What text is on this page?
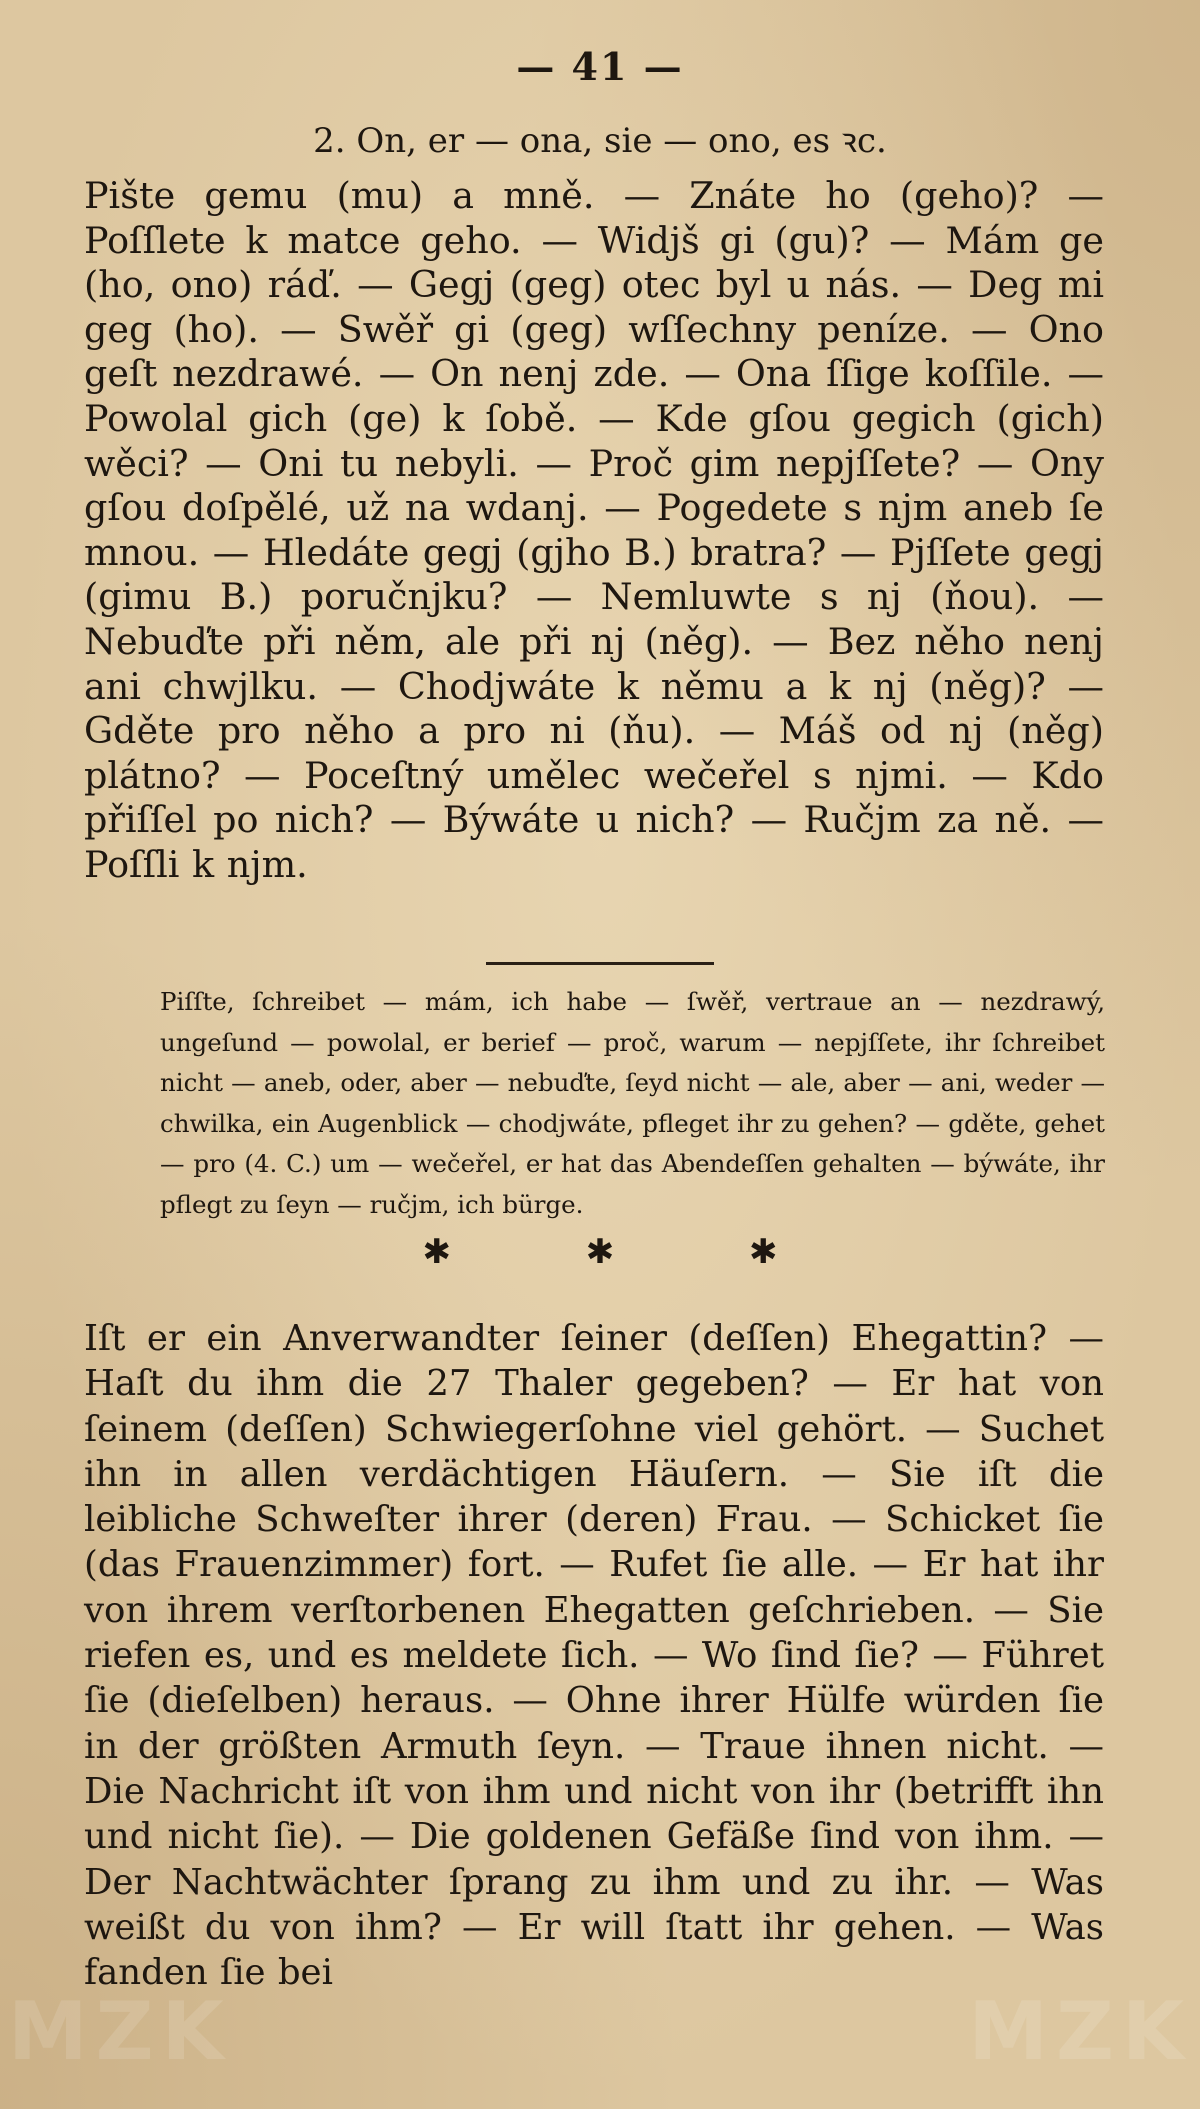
— 41 —
2. On, er — ona, sie — ono, es ꝛc.
Pište gemu (mu) a mně. — Znáte ho (geho)? — Poſſlete k matce geho. — Widjš gi (gu)? — Mám ge (ho, ono) ráď. — Gegj (geg) otec byl u nás. — Deg mi geg (ho). — Swěř gi (geg) wſſechny peníze. — Ono geſt nezdrawé. — On nenj zde. — Ona ſſige koſſile. — Powolal gich (ge) k ſobě. — Kde gſou gegich (gich) wěci? — Oni tu nebyli. — Proč gim nepjſſete? — Ony gſou doſpělé, už na wdanj. — Pogedete s njm aneb ſe mnou. — Hledáte gegj (gjho B.) bratra? — Pjſſete gegj (gimu B.) poručnjku? — Nemluwte s nj (ňou). — Nebuďte při něm, ale při nj (něg). — Bez něho nenj ani chwjlku. — Chodjwáte k němu a k nj (něg)? — Gděte pro něho a pro ni (ňu). — Máš od nj (něg) plátno? — Poceſtný umělec wečeřel s njmi. — Kdo přiſſel po nich? — Býwáte u nich? — Ručjm za ně. — Poſſli k njm.
Piſſte, ſchreibet — mám, ich habe — ſwěř, vertraue an — nezdrawý, ungeſund — powolal, er berief — proč, warum — nepjſſete, ihr ſchreibet nicht — aneb, oder, aber — nebuďte, ſeyd nicht — ale, aber — ani, weder — chwilka, ein Augenblick — chodjwáte, pfleget ihr zu gehen? — gděte, gehet — pro (4. C.) um — wečeřel, er hat das Abendeſſen gehalten — býwáte, ihr pflegt zu ſeyn — ručjm, ich bürge.
✱ ✱ ✱
Iſt er ein Anverwandter ſeiner (deſſen) Ehegattin? — Haſt du ihm die 27 Thaler gegeben? — Er hat von ſeinem (deſſen) Schwiegerſohne viel gehört. — Suchet ihn in allen verdächtigen Häuſern. — Sie iſt die leibliche Schweſter ihrer (deren) Frau. — Schicket ſie (das Frauenzimmer) fort. — Rufet ſie alle. — Er hat ihr von ihrem verſtorbenen Ehegatten geſchrieben. — Sie riefen es, und es meldete ſich. — Wo ſind ſie? — Führet ſie (dieſelben) heraus. — Ohne ihrer Hülfe würden ſie in der größten Armuth ſeyn. — Traue ihnen nicht. — Die Nachricht iſt von ihm und nicht von ihr (betrifft ihn und nicht ſie). — Die goldenen Gefäße ſind von ihm. — Der Nachtwächter ſprang zu ihm und zu ihr. — Was weißt du von ihm? — Er will ſtatt ihr gehen. — Was fanden ſie bei
MZK	MZK
